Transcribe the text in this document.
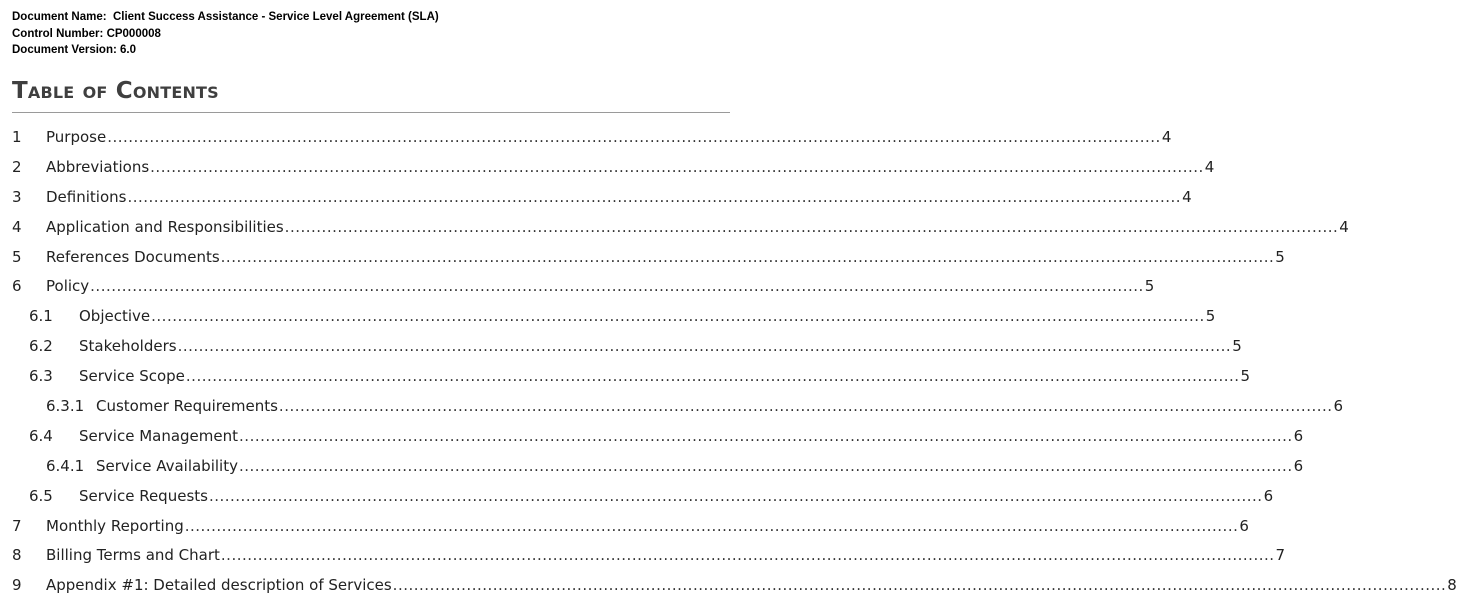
Document Name: Client Success Assistance - Service Level Agreement (SLA)
Control Number: CP000008
Document Version: 6.0
Table of Contents
1 Purpose ........................................................................................................................................................................................................ 4
2 Abbreviations ........................................................................................................................................................................................................ 4
3 Definitions ........................................................................................................................................................................................................ 4
4 Application and Responsibilities ........................................................................................................................................................................................................ 4
5 References Documents ........................................................................................................................................................................................................ 5
6 Policy ........................................................................................................................................................................................................ 5
6.1 Objective ........................................................................................................................................................................................................ 5
6.2 Stakeholders ........................................................................................................................................................................................................ 5
6.3 Service Scope ........................................................................................................................................................................................................ 5
6.3.1 Customer Requirements ........................................................................................................................................................................................................ 6
6.4 Service Management ........................................................................................................................................................................................................ 6
6.4.1 Service Availability ........................................................................................................................................................................................................ 6
6.5 Service Requests ........................................................................................................................................................................................................ 6
7 Monthly Reporting ........................................................................................................................................................................................................ 6
8 Billing Terms and Chart ........................................................................................................................................................................................................ 7
9 Appendix #1: Detailed description of Services ........................................................................................................................................................................................................ 8
